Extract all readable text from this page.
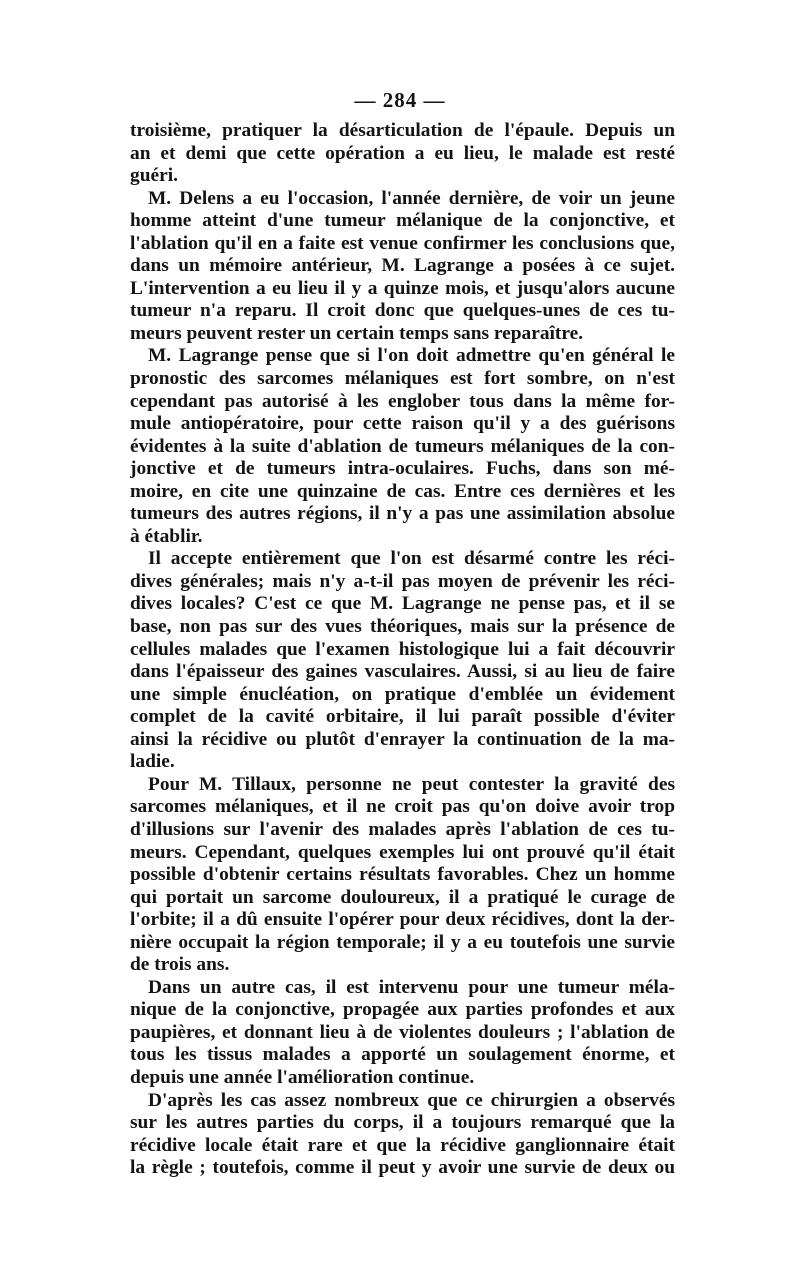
— 284 —
troisième, pratiquer la désarticulation de l'épaule. Depuis un
an et demi que cette opération a eu lieu, le malade est resté
guéri.
M. Delens a eu l'occasion, l'année dernière, de voir un jeune
homme atteint d'une tumeur mélanique de la conjonctive, et
l'ablation qu'il en a faite est venue confirmer les conclusions que,
dans un mémoire antérieur, M. Lagrange a posées à ce sujet.
L'intervention a eu lieu il y a quinze mois, et jusqu'alors aucune
tumeur n'a reparu. Il croit donc que quelques-unes de ces tu-
meurs peuvent rester un certain temps sans reparaître.
M. Lagrange pense que si l'on doit admettre qu'en général le
pronostic des sarcomes mélaniques est fort sombre, on n'est
cependant pas autorisé à les englober tous dans la même for-
mule antiopératoire, pour cette raison qu'il y a des guérisons
évidentes à la suite d'ablation de tumeurs mélaniques de la con-
jonctive et de tumeurs intra-oculaires. Fuchs, dans son mé-
moire, en cite une quinzaine de cas. Entre ces dernières et les
tumeurs des autres régions, il n'y a pas une assimilation absolue
à établir.
Il accepte entièrement que l'on est désarmé contre les réci-
dives générales; mais n'y a-t-il pas moyen de prévenir les réci-
dives locales? C'est ce que M. Lagrange ne pense pas, et il se
base, non pas sur des vues théoriques, mais sur la présence de
cellules malades que l'examen histologique lui a fait découvrir
dans l'épaisseur des gaines vasculaires. Aussi, si au lieu de faire
une simple énucléation, on pratique d'emblée un évidement
complet de la cavité orbitaire, il lui paraît possible d'éviter
ainsi la récidive ou plutôt d'enrayer la continuation de la ma-
ladie.
Pour M. Tillaux, personne ne peut contester la gravité des
sarcomes mélaniques, et il ne croit pas qu'on doive avoir trop
d'illusions sur l'avenir des malades après l'ablation de ces tu-
meurs. Cependant, quelques exemples lui ont prouvé qu'il était
possible d'obtenir certains résultats favorables. Chez un homme
qui portait un sarcome douloureux, il a pratiqué le curage de
l'orbite; il a dû ensuite l'opérer pour deux récidives, dont la der-
nière occupait la région temporale; il y a eu toutefois une survie
de trois ans.
Dans un autre cas, il est intervenu pour une tumeur méla-
nique de la conjonctive, propagée aux parties profondes et aux
paupières, et donnant lieu à de violentes douleurs ; l'ablation de
tous les tissus malades a apporté un soulagement énorme, et
depuis une année l'amélioration continue.
D'après les cas assez nombreux que ce chirurgien a observés
sur les autres parties du corps, il a toujours remarqué que la
récidive locale était rare et que la récidive ganglionnaire était
la règle ; toutefois, comme il peut y avoir une survie de deux ou
